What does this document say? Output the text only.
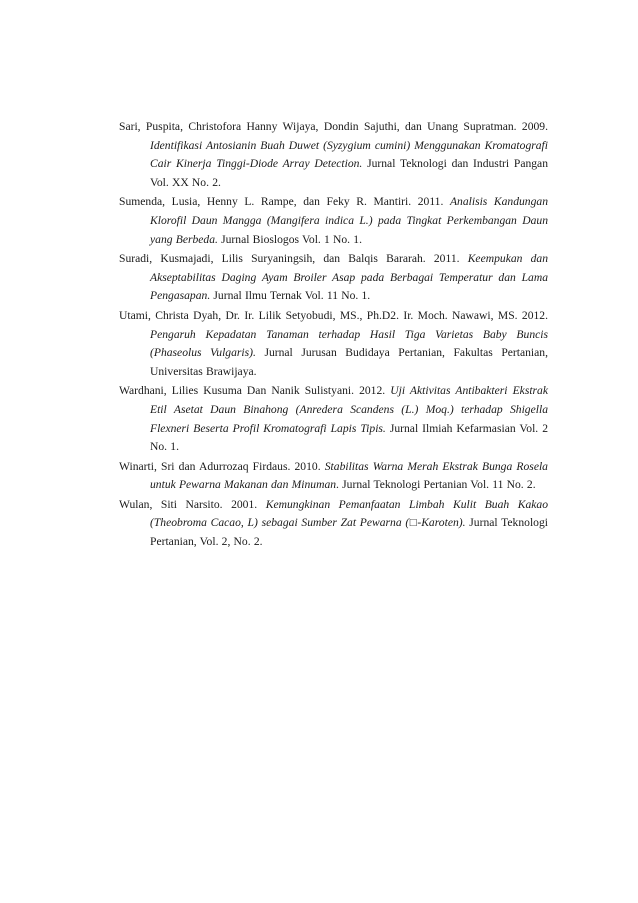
Sari, Puspita, Christofora Hanny Wijaya, Dondin Sajuthi, dan Unang Supratman. 2009. Identifikasi Antosianin Buah Duwet (Syzygium cumini) Menggunakan Kromatografi Cair Kinerja Tinggi-Diode Array Detection. Jurnal Teknologi dan Industri Pangan Vol. XX No. 2.

Sumenda, Lusia, Henny L. Rampe, dan Feky R. Mantiri. 2011. Analisis Kandungan Klorofil Daun Mangga (Mangifera indica L.) pada Tingkat Perkembangan Daun yang Berbeda. Jurnal Bioslogos Vol. 1 No. 1.

Suradi, Kusmajadi, Lilis Suryaningsih, dan Balqis Bararah. 2011. Keempukan dan Akseptabilitas Daging Ayam Broiler Asap pada Berbagai Temperatur dan Lama Pengasapan. Jurnal Ilmu Ternak Vol. 11 No. 1.

Utami, Christa Dyah, Dr. Ir. Lilik Setyobudi, MS., Ph.D2. Ir. Moch. Nawawi, MS. 2012. Pengaruh Kepadatan Tanaman terhadap Hasil Tiga Varietas Baby Buncis (Phaseolus Vulgaris). Jurnal Jurusan Budidaya Pertanian, Fakultas Pertanian, Universitas Brawijaya.

Wardhani, Lilies Kusuma Dan Nanik Sulistyani. 2012. Uji Aktivitas Antibakteri Ekstrak Etil Asetat Daun Binahong (Anredera Scandens (L.) Moq.) terhadap Shigella Flexneri Beserta Profil Kromatografi Lapis Tipis. Jurnal Ilmiah Kefarmasian Vol. 2 No. 1.

Winarti, Sri dan Adurrozaq Firdaus. 2010. Stabilitas Warna Merah Ekstrak Bunga Rosela untuk Pewarna Makanan dan Minuman. Jurnal Teknologi Pertanian Vol. 11 No. 2.

Wulan, Siti Narsito. 2001. Kemungkinan Pemanfaatan Limbah Kulit Buah Kakao (Theobroma Cacao, L) sebagai Sumber Zat Pewarna (□-Karoten). Jurnal Teknologi Pertanian, Vol. 2, No. 2.
